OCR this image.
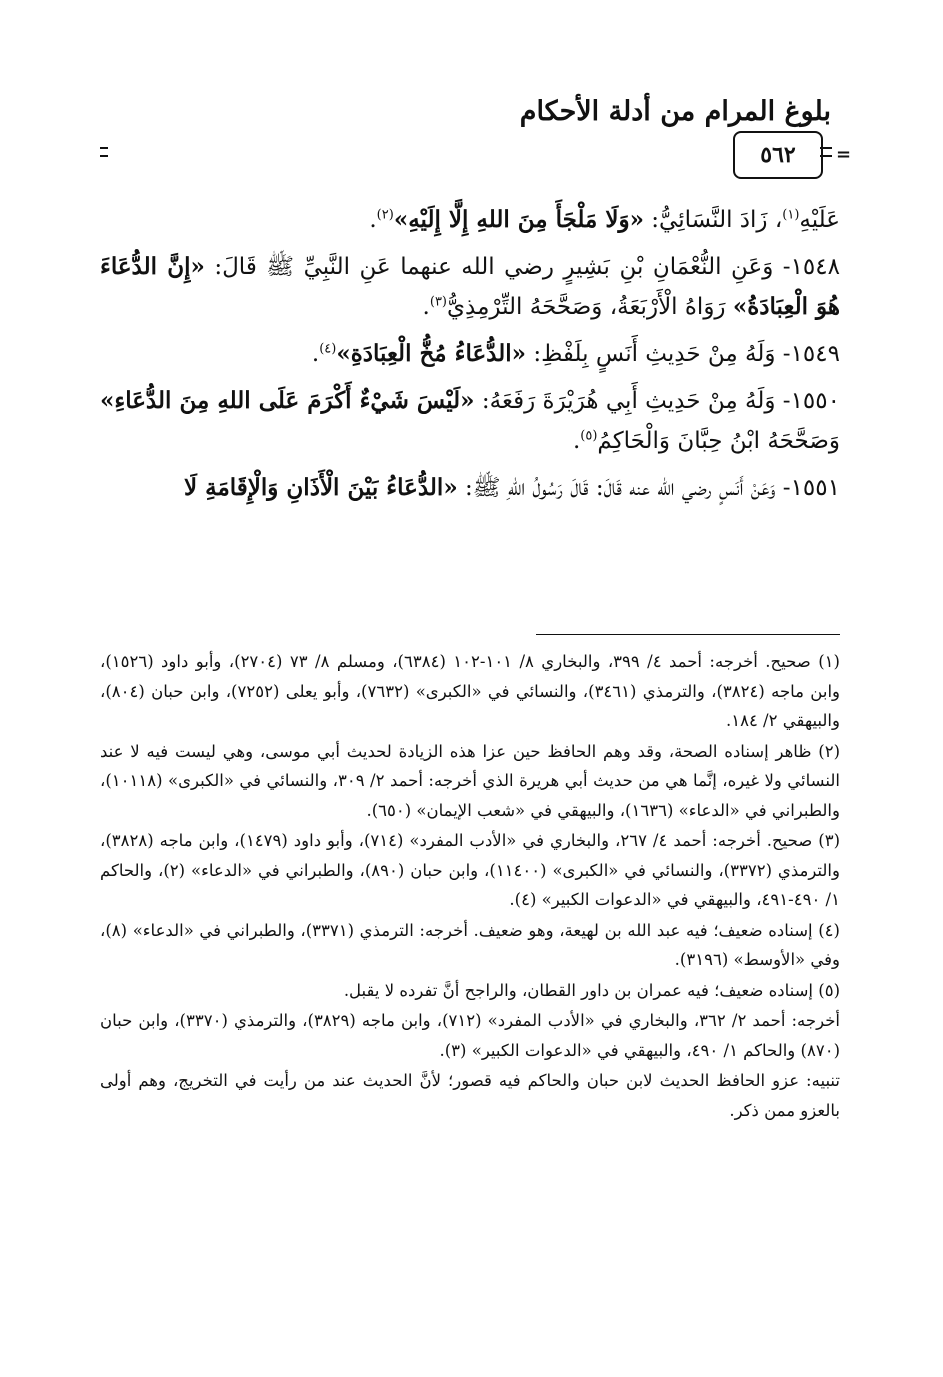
بلوغ المرام من أدلة الأحكام
٥٦٢ =

عَلَيْهِ$^{(١)}$، زَادَ النَّسَائِيُّ: «وَلَا مَلْجَأَ مِنَ اللهِ إِلَّا إِلَيْهِ»$^{(٢)}$.

١٥٤٨- وَعَنِ النُّعْمَانِ بْنِ بَشِيرٍ رضي الله عنهما عَنِ النَّبِيِّ ﷺ قَالَ: «إِنَّ الدُّعَاءَ هُوَ الْعِبَادَةُ» رَوَاهُ الْأَرْبَعَةُ، وَصَحَّحَهُ التِّرْمِذِيُّ$^{(٣)}$.

١٥٤٩- وَلَهُ مِنْ حَدِيثِ أَنَسٍ بِلَفْظِ: «الدُّعَاءُ مُخُّ الْعِبَادَةِ»$^{(٤)}$.

١٥٥٠- وَلَهُ مِنْ حَدِيثِ أَبِي هُرَيْرَةَ رَفَعَهُ: «لَيْسَ شَيْءٌ أَكْرَمَ عَلَى اللهِ مِنَ الدُّعَاءِ» وَصَحَّحَهُ ابْنُ حِبَّانَ وَالْحَاكِمُ$^{(٥)}$.

١٥٥١- وَعَنْ أَنَسٍ رضي الله عنه قَالَ: قَالَ رَسُولُ اللهِ ﷺ: «الدُّعَاءُ بَيْنَ الْأَذَانِ وَالْإِقَامَةِ لَا

(١) صحيح. أخرجه: أحمد ٤/ ٣٩٩، والبخاري ٨/ ١٠١-١٠٢ (٦٣٨٤)، ومسلم ٨/ ٧٣ (٢٧٠٤)، وأبو داود (١٥٢٦)، وابن ماجه (٣٨٢٤)، والترمذي (٣٤٦١)، والنسائي في «الكبرى» (٧٦٣٢)، وأبو يعلى (٧٢٥٢)، وابن حبان (٨٠٤)، والبيهقي ٢/ ١٨٤.

(٢) ظاهر إسناده الصحة، وقد وهم الحافظ حين عزا هذه الزيادة لحديث أبي موسى، وهي ليست فيه لا عند النسائي ولا غيره، إنَّما هي من حديث أبي هريرة الذي أخرجه: أحمد ٢/ ٣٠٩، والنسائي في «الكبرى» (١٠١١٨)، والطبراني في «الدعاء» (١٦٣٦)، والبيهقي في «شعب الإيمان» (٦٥٠).

(٣) صحيح. أخرجه: أحمد ٤/ ٢٦٧، والبخاري في «الأدب المفرد» (٧١٤)، وأبو داود (١٤٧٩)، وابن ماجه (٣٨٢٨)، والترمذي (٣٣٧٢)، والنسائي في «الكبرى» (١١٤٠٠)، وابن حبان (٨٩٠)، والطبراني في «الدعاء» (٢)، والحاكم ١/ ٤٩٠-٤٩١، والبيهقي في «الدعوات الكبير» (٤).

(٤) إسناده ضعيف؛ فيه عبد الله بن لهيعة، وهو ضعيف. أخرجه: الترمذي (٣٣٧١)، والطبراني في «الدعاء» (٨)، وفي «الأوسط» (٣١٩٦).

(٥) إسناده ضعيف؛ فيه عمران بن داور القطان، والراجح أنَّ تفرده لا يقبل.

أخرجه: أحمد ٢/ ٣٦٢، والبخاري في «الأدب المفرد» (٧١٢)، وابن ماجه (٣٨٢٩)، والترمذي (٣٣٧٠)، وابن حبان (٨٧٠) والحاكم ١/ ٤٩٠، والبيهقي في «الدعوات الكبير» (٣).

تنبيه: عزو الحافظ الحديث لابن حبان والحاكم فيه قصور؛ لأنَّ الحديث عند من رأيت في التخريج، وهم أولى بالعزو ممن ذكر.
